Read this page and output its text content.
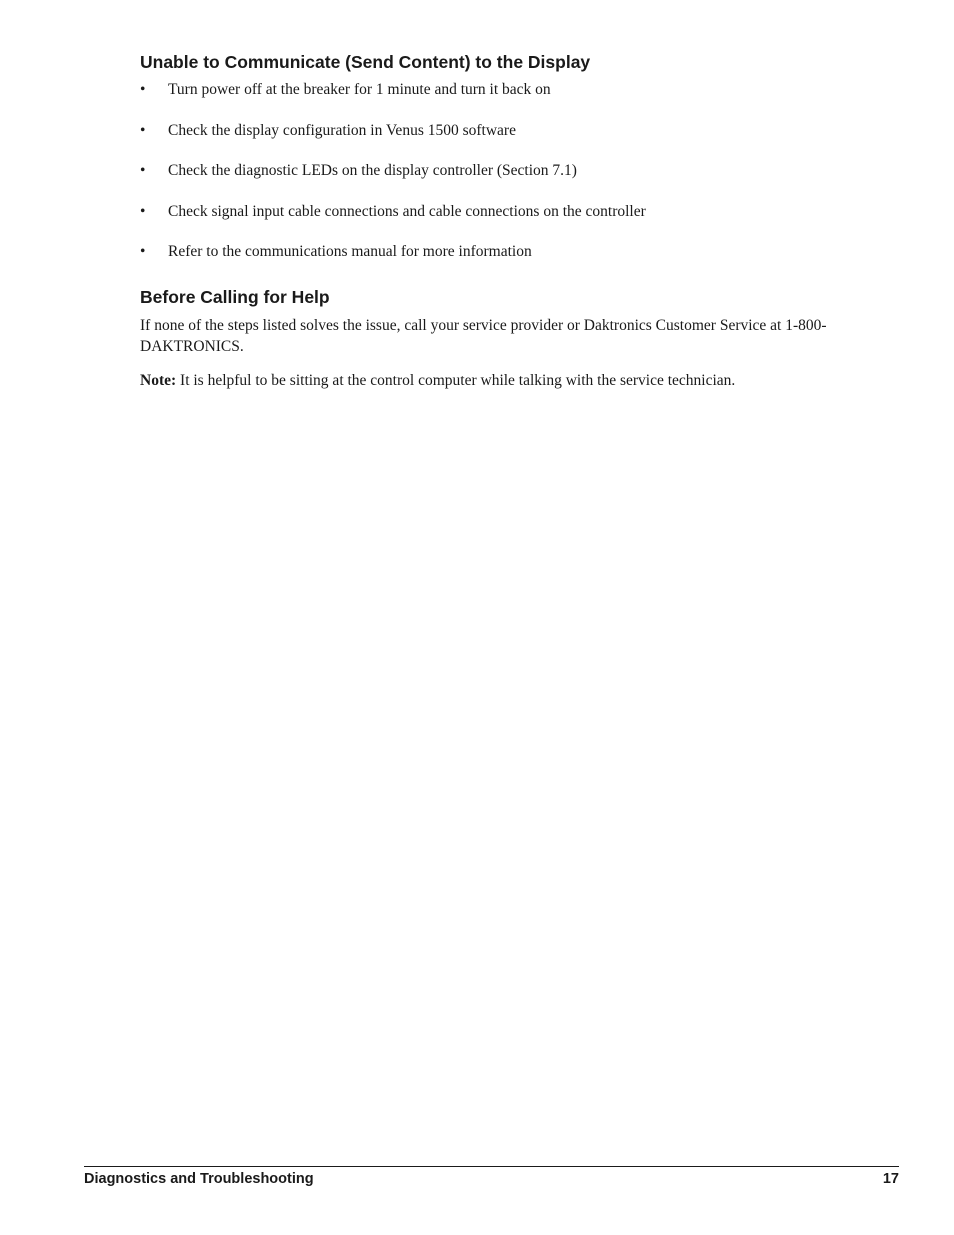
Unable to Communicate (Send Content) to the Display
• Turn power off at the breaker for 1 minute and turn it back on
• Check the display configuration in Venus 1500 software
• Check the diagnostic LEDs on the display controller (Section 7.1)
• Check signal input cable connections and cable connections on the controller
• Refer to the communications manual for more information
Before Calling for Help

If none of the steps listed solves the issue, call your service provider or Daktronics Customer Service at 1-800-DAKTRONICS.

Note: It is helpful to be sitting at the control computer while talking with the service technician.

Diagnostics and Troubleshooting	17
